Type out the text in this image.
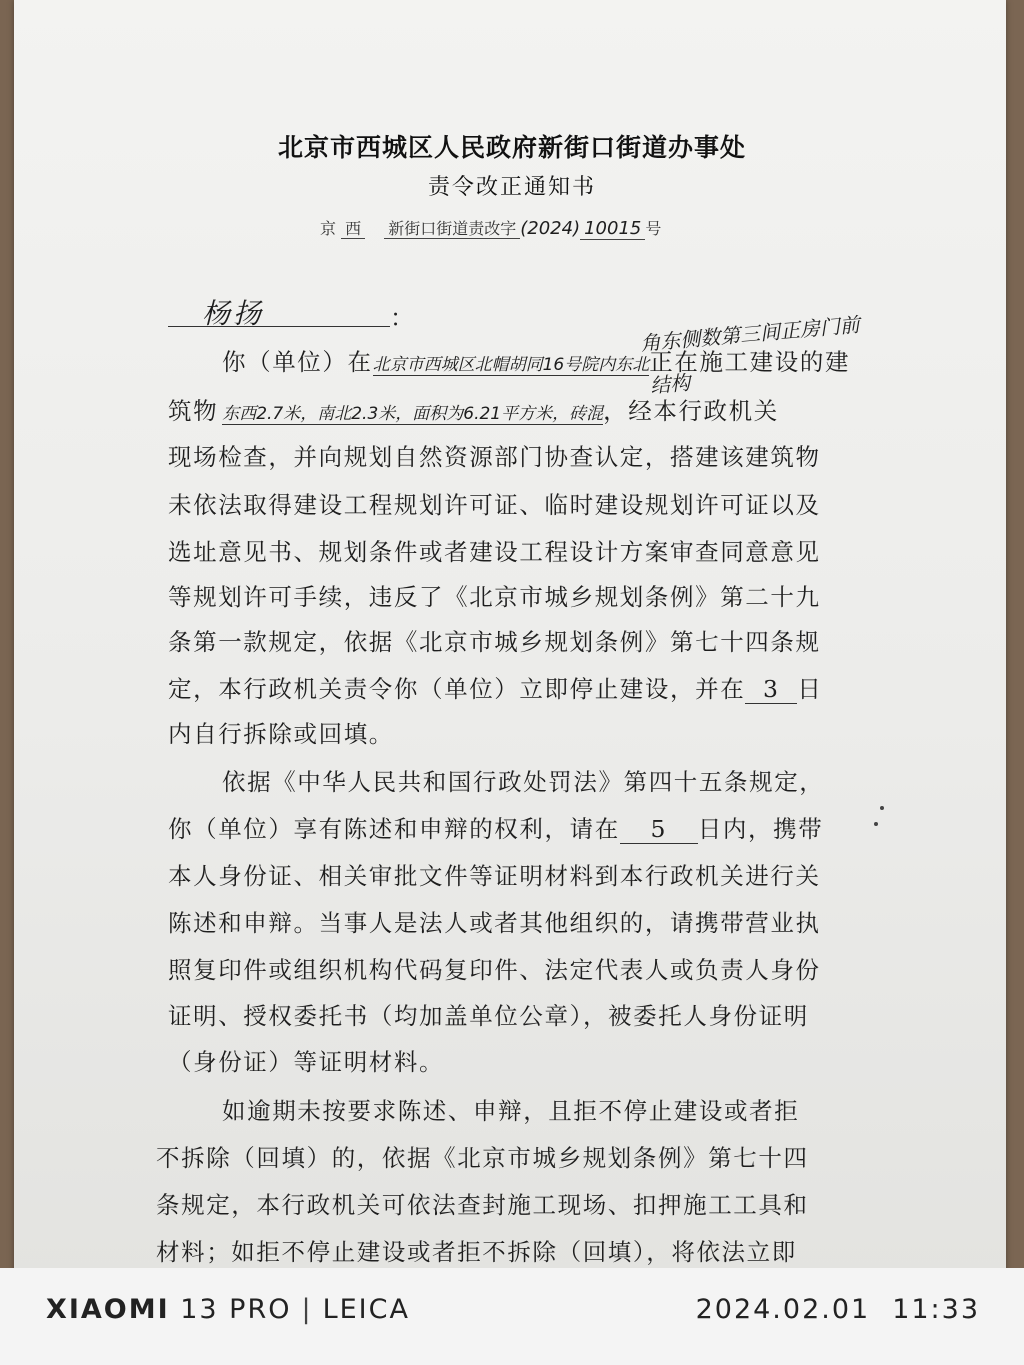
北京市西城区人民政府新街口街道办事处
责令改正通知书
京 西 新街口街道责改字 (2024) 10015 号
杨扬	：	角东侧数第三间正房门前
你（单位）在北京市西城区北帽胡同16号院内东北正在施工建设的建
结构
筑物 东西2.7米，南北2.3米，面积为6.21平方米，砖混，经本行政机关
现场检查，并向规划自然资源部门协查认定，搭建该建筑物
未依法取得建设工程规划许可证、临时建设规划许可证以及
选址意见书、规划条件或者建设工程设计方案审查同意意见
等规划许可手续，违反了《北京市城乡规划条例》第二十九
条第一款规定，依据《北京市城乡规划条例》第七十四条规
定，本行政机关责令你（单位）立即停止建设，并在 3 日
内自行拆除或回填。
依据《中华人民共和国行政处罚法》第四十五条规定，
你（单位）享有陈述和申辩的权利，请在 5 日内，携带
本人身份证、相关审批文件等证明材料到本行政机关进行关
陈述和申辩。当事人是法人或者其他组织的，请携带营业执
照复印件或组织机构代码复印件、法定代表人或负责人身份
证明、授权委托书（均加盖单位公章），被委托人身份证明
（身份证）等证明材料。
如逾期未按要求陈述、申辩，且拒不停止建设或者拒
不拆除（回填）的，依据《北京市城乡规划条例》第七十四
条规定，本行政机关可依法查封施工现场、扣押施工工具和
材料；如拒不停止建设或者拒不拆除（回填），将依法立即
XIAOMI 13 PRO | LEICA	2024.02.01 11:33
